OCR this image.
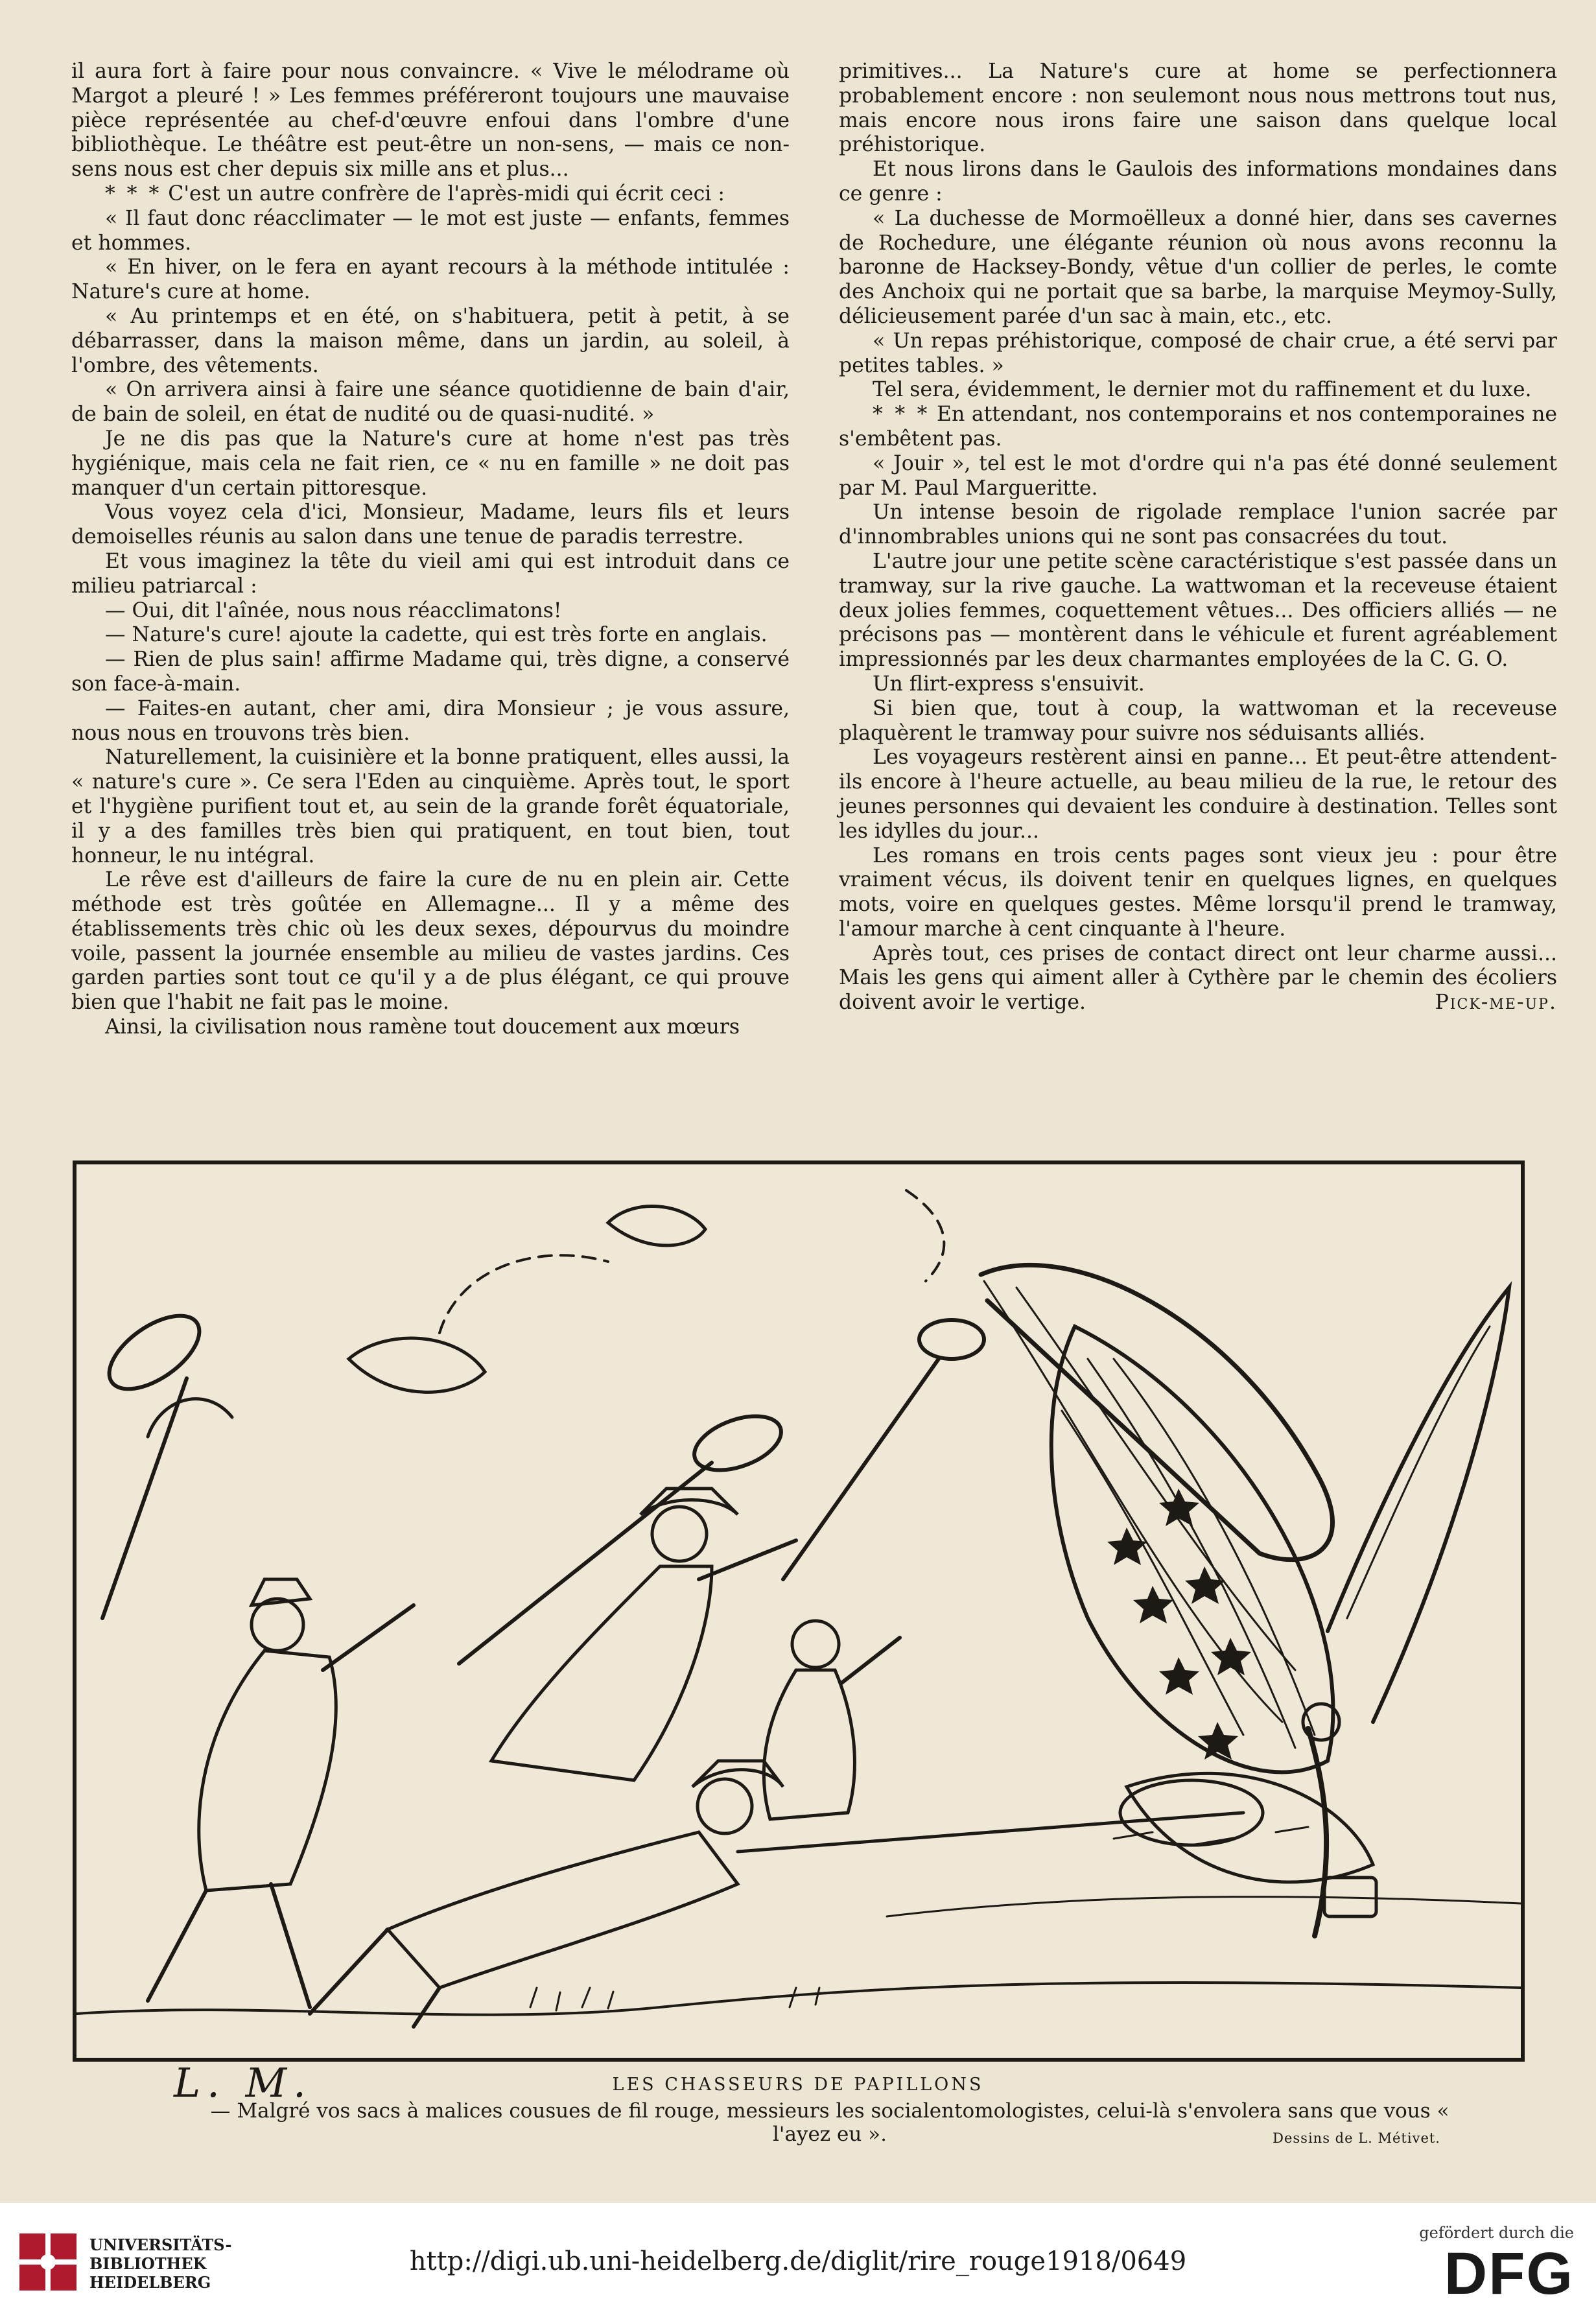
il aura fort à faire pour nous convaincre. « Vive le mélodrame où Margot a pleuré ! » Les femmes préféreront toujours une mauvaise pièce représentée au chef-d'œuvre enfoui dans l'ombre d'une bibliothèque. Le théâtre est peut-être un non-sens, — mais ce non-sens nous est cher depuis six mille ans et plus...

* * * C'est un autre confrère de l'après-midi qui écrit ceci :

« Il faut donc réacclimater — le mot est juste — enfants, femmes et hommes.

« En hiver, on le fera en ayant recours à la méthode intitulée : Nature's cure at home.

« Au printemps et en été, on s'habituera, petit à petit, à se débarrasser, dans la maison même, dans un jardin, au soleil, à l'ombre, des vêtements.

« On arrivera ainsi à faire une séance quotidienne de bain d'air, de bain de soleil, en état de nudité ou de quasi-nudité. »

Je ne dis pas que la Nature's cure at home n'est pas très hygiénique, mais cela ne fait rien, ce « nu en famille » ne doit pas manquer d'un certain pittoresque.

Vous voyez cela d'ici, Monsieur, Madame, leurs fils et leurs demoiselles réunis au salon dans une tenue de paradis terrestre.

Et vous imaginez la tête du vieil ami qui est introduit dans ce milieu patriarcal :

— Oui, dit l'aînée, nous nous réacclimatons!

— Nature's cure! ajoute la cadette, qui est très forte en anglais.

— Rien de plus sain! affirme Madame qui, très digne, a conservé son face-à-main.

— Faites-en autant, cher ami, dira Monsieur ; je vous assure, nous nous en trouvons très bien.

Naturellement, la cuisinière et la bonne pratiquent, elles aussi, la « nature's cure ». Ce sera l'Eden au cinquième. Après tout, le sport et l'hygiène purifient tout et, au sein de la grande forêt équatoriale, il y a des familles très bien qui pratiquent, en tout bien, tout honneur, le nu intégral.

Le rêve est d'ailleurs de faire la cure de nu en plein air. Cette méthode est très goûtée en Allemagne... Il y a même des établissements très chic où les deux sexes, dépourvus du moindre voile, passent la journée ensemble au milieu de vastes jardins. Ces garden parties sont tout ce qu'il y a de plus élégant, ce qui prouve bien que l'habit ne fait pas le moine.

Ainsi, la civilisation nous ramène tout doucement aux mœurs

primitives... La Nature's cure at home se perfectionnera probablement encore : non seulemont nous nous mettrons tout nus, mais encore nous irons faire une saison dans quelque local préhistorique.

Et nous lirons dans le Gaulois des informations mondaines dans ce genre :

« La duchesse de Mormoëlleux a donné hier, dans ses cavernes de Rochedure, une élégante réunion où nous avons reconnu la baronne de Hacksey-Bondy, vêtue d'un collier de perles, le comte des Anchoix qui ne portait que sa barbe, la marquise Meymoy-Sully, délicieusement parée d'un sac à main, etc., etc.

« Un repas préhistorique, composé de chair crue, a été servi par petites tables. »

Tel sera, évidemment, le dernier mot du raffinement et du luxe.

* * * En attendant, nos contemporains et nos contemporaines ne s'embêtent pas.

« Jouir », tel est le mot d'ordre qui n'a pas été donné seulement par M. Paul Margueritte.

Un intense besoin de rigolade remplace l'union sacrée par d'innombrables unions qui ne sont pas consacrées du tout.

L'autre jour une petite scène caractéristique s'est passée dans un tramway, sur la rive gauche. La wattwoman et la receveuse étaient deux jolies femmes, coquettement vêtues... Des officiers alliés — ne précisons pas — montèrent dans le véhicule et furent agréablement impressionnés par les deux charmantes employées de la C. G. O.

Un flirt-express s'ensuivit.

Si bien que, tout à coup, la wattwoman et la receveuse plaquèrent le tramway pour suivre nos séduisants alliés.

Les voyageurs restèrent ainsi en panne... Et peut-être attendent-ils encore à l'heure actuelle, au beau milieu de la rue, le retour des jeunes personnes qui devaient les conduire à destination. Telles sont les idylles du jour...

Les romans en trois cents pages sont vieux jeu : pour être vraiment vécus, ils doivent tenir en quelques lignes, en quelques mots, voire en quelques gestes. Même lorsqu'il prend le tramway, l'amour marche à cent cinquante à l'heure.

Après tout, ces prises de contact direct ont leur charme aussi... Mais les gens qui aiment aller à Cythère par le chemin des écoliers doivent avoir le vertige.	Pick-me-up.

L. M.	LES CHASSEURS DE PAPILLONS
— Malgré vos sacs à malices cousues de fil rouge, messieurs les socialentomologistes, celui-là s'envolera sans que vous « l'ayez eu ».	Dessins de L. Métivet.
UNIVERSITÄTS-
BIBLIOTHEK
HEIDELBERG
http://digi.ub.uni-heidelberg.de/diglit/rire_rouge1918/0649
gefördert durch die
DFG
